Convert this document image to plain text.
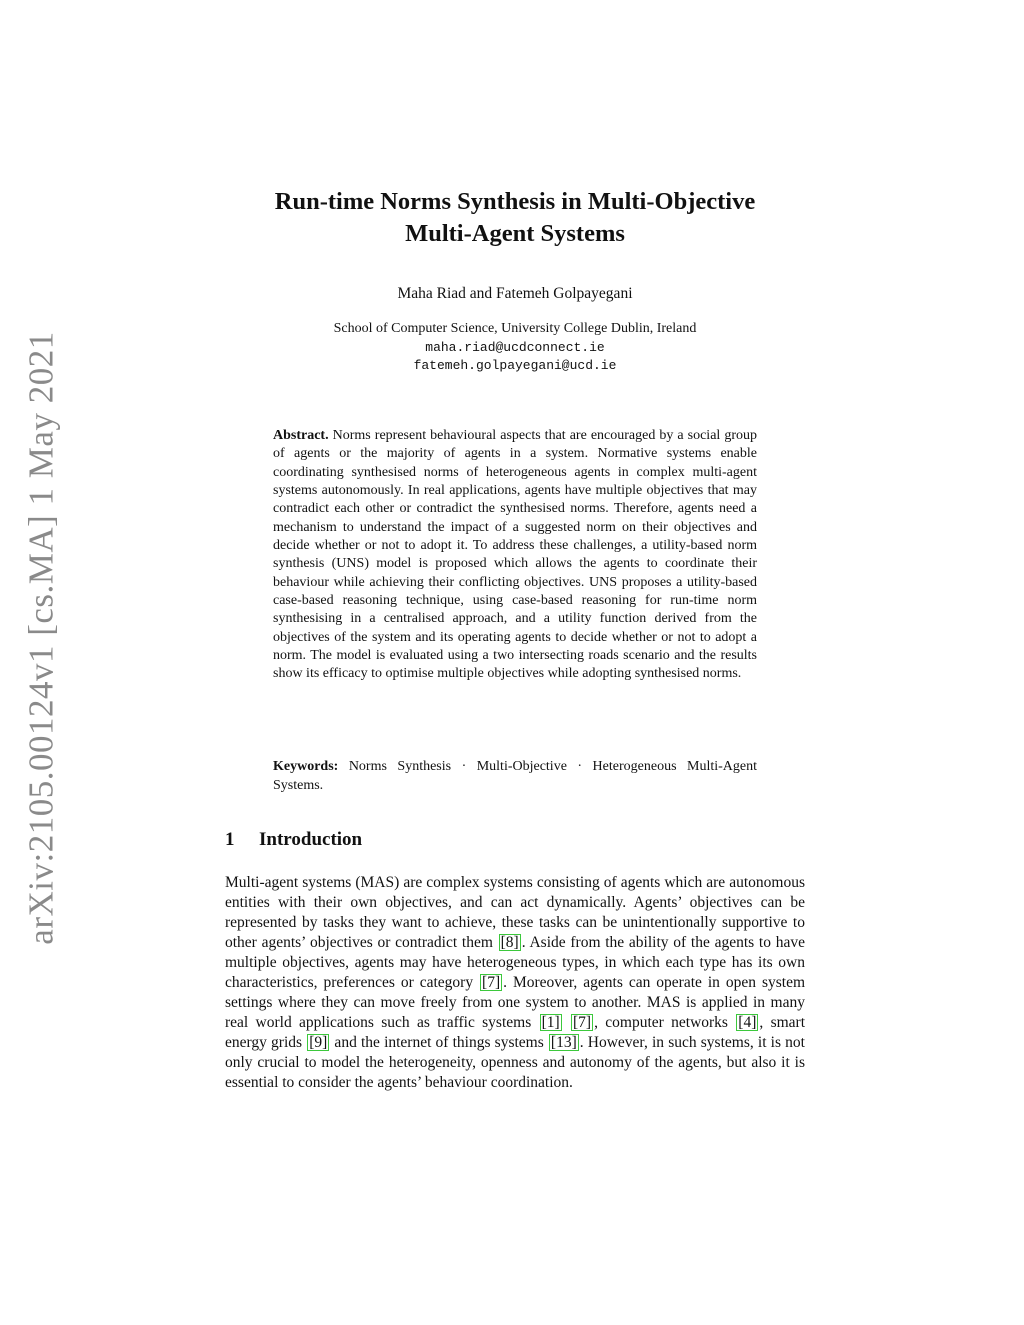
arXiv:2105.00124v1 [cs.MA] 1 May 2021
Run-time Norms Synthesis in Multi-Objective
Multi-Agent Systems
Maha Riad and Fatemeh Golpayegani
School of Computer Science, University College Dublin, Ireland
maha.riad@ucdconnect.ie
fatemeh.golpayegani@ucd.ie

Abstract. Norms represent behavioural aspects that are encouraged by a social group of agents or the majority of agents in a system. Normative systems enable coordinating synthesised norms of heterogeneous agents in complex multi-agent systems autonomously. In real applications, agents have multiple objectives that may contradict each other or contradict the synthesised norms. Therefore, agents need a mechanism to understand the impact of a suggested norm on their objectives and decide whether or not to adopt it. To address these challenges, a utility-based norm synthesis (UNS) model is proposed which allows the agents to coordinate their behaviour while achieving their conflicting objectives. UNS proposes a utility-based case-based reasoning technique, using case-based reasoning for run-time norm synthesising in a centralised approach, and a utility function derived from the objectives of the system and its operating agents to decide whether or not to adopt a norm. The model is evaluated using a two intersecting roads scenario and the results show its efficacy to optimise multiple objectives while adopting synthesised norms.

Keywords: Norms Synthesis · Multi-Objective · Heterogeneous Multi-Agent Systems.
1 Introduction

Multi-agent systems (MAS) are complex systems consisting of agents which are autonomous entities with their own objectives, and can act dynamically. Agents’ objectives can be represented by tasks they want to achieve, these tasks can be unintentionally supportive to other agents’ objectives or contradict them [8] . Aside from the ability of the agents to have multiple objectives, agents may have heterogeneous types, in which each type has its own characteristics, preferences or category [7] . Moreover, agents can operate in open system settings where they can move freely from one system to another. MAS is applied in many real world applications such as traffic systems [1] [7] , computer networks [4] , smart energy grids [9] and the internet of things systems [13] . However, in such systems, it is not only crucial to model the heterogeneity, openness and autonomy of the agents, but also it is essential to consider the agents’ behaviour coordination.
